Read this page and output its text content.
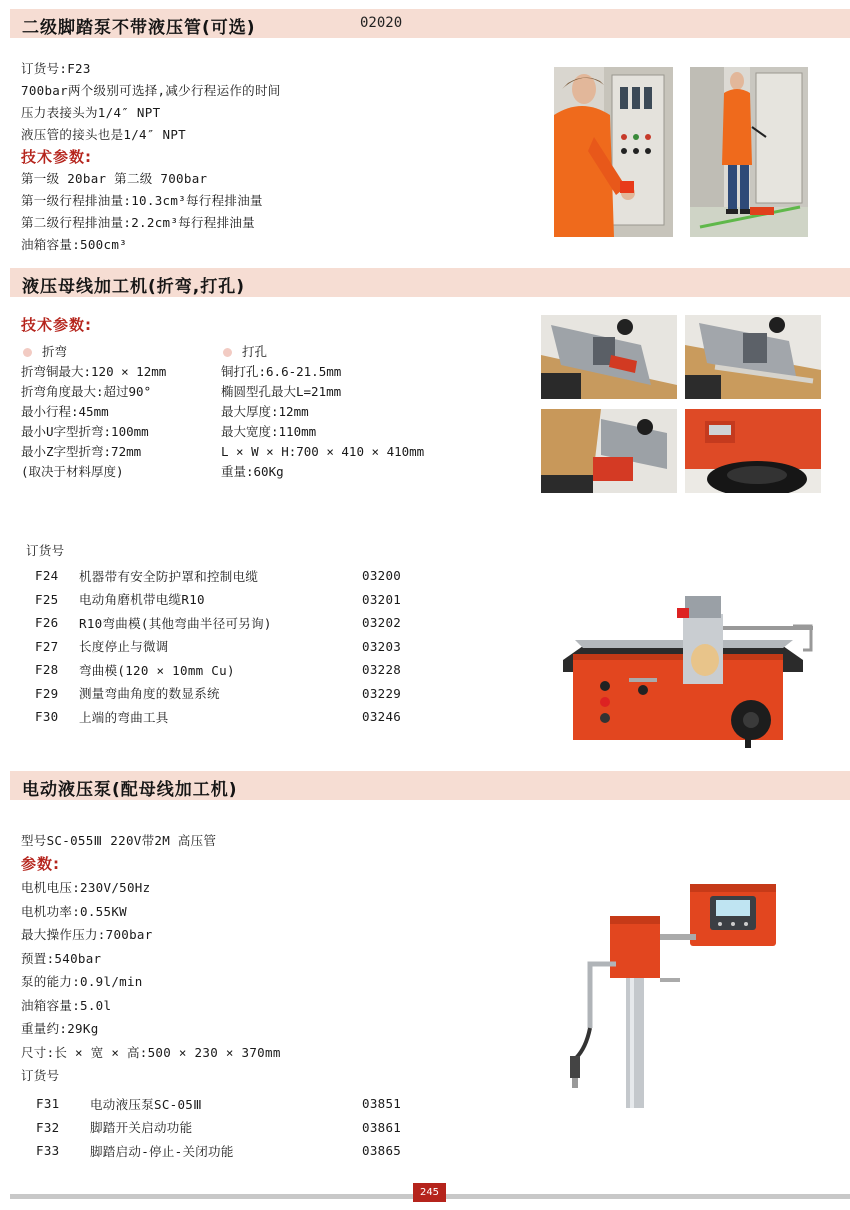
二级脚踏泵不带液压管(可选)	02020
订货号:F23
700bar两个级别可选择,减少行程运作的时间
压力表接头为1/4″ NPT
液压管的接头也是1/4″ NPT
技术参数:
第一级 20bar 第二级 700bar
第一级行程排油量:10.3cm³每行程排油量
第二级行程排油量:2.2cm³每行程排油量
油箱容量:500cm³
液压母线加工机(折弯,打孔)
技术参数:
折弯
折弯铜最大:120 × 12mm
折弯角度最大:超过90°
最小行程:45mm
最小U字型折弯:100mm
最小Z字型折弯:72mm
(取决于材料厚度)
打孔
铜打孔:6.6-21.5mm
椭圆型孔最大L=21mm
最大厚度:12mm
最大宽度:110mm
L × W × H:700 × 410 × 410mm
重量:60Kg
订货号
F24	机器带有安全防护罩和控制电缆	03200
F25	电动角磨机带电缆R10	03201
F26	R10弯曲模(其他弯曲半径可另询)	03202
F27	长度停止与微调	03203
F28	弯曲模(120 × 10mm Cu)	03228
F29	测量弯曲角度的数显系统	03229
F30	上端的弯曲工具	03246
电动液压泵(配母线加工机)
型号SC-055Ⅲ 220V带2M 高压管
参数:
电机电压:230V/50Hz
电机功率:0.55KW
最大操作压力:700bar
预置:540bar
泵的能力:0.9l/min
油箱容量:5.0l
重量约:29Kg
尺寸:长 × 宽 × 高:500 × 230 × 370mm
订货号
F31	电动液压泵SC-05Ⅲ	03851
F32	脚踏开关启动功能	03861
F33	脚踏启动-停止-关闭功能	03865
245
